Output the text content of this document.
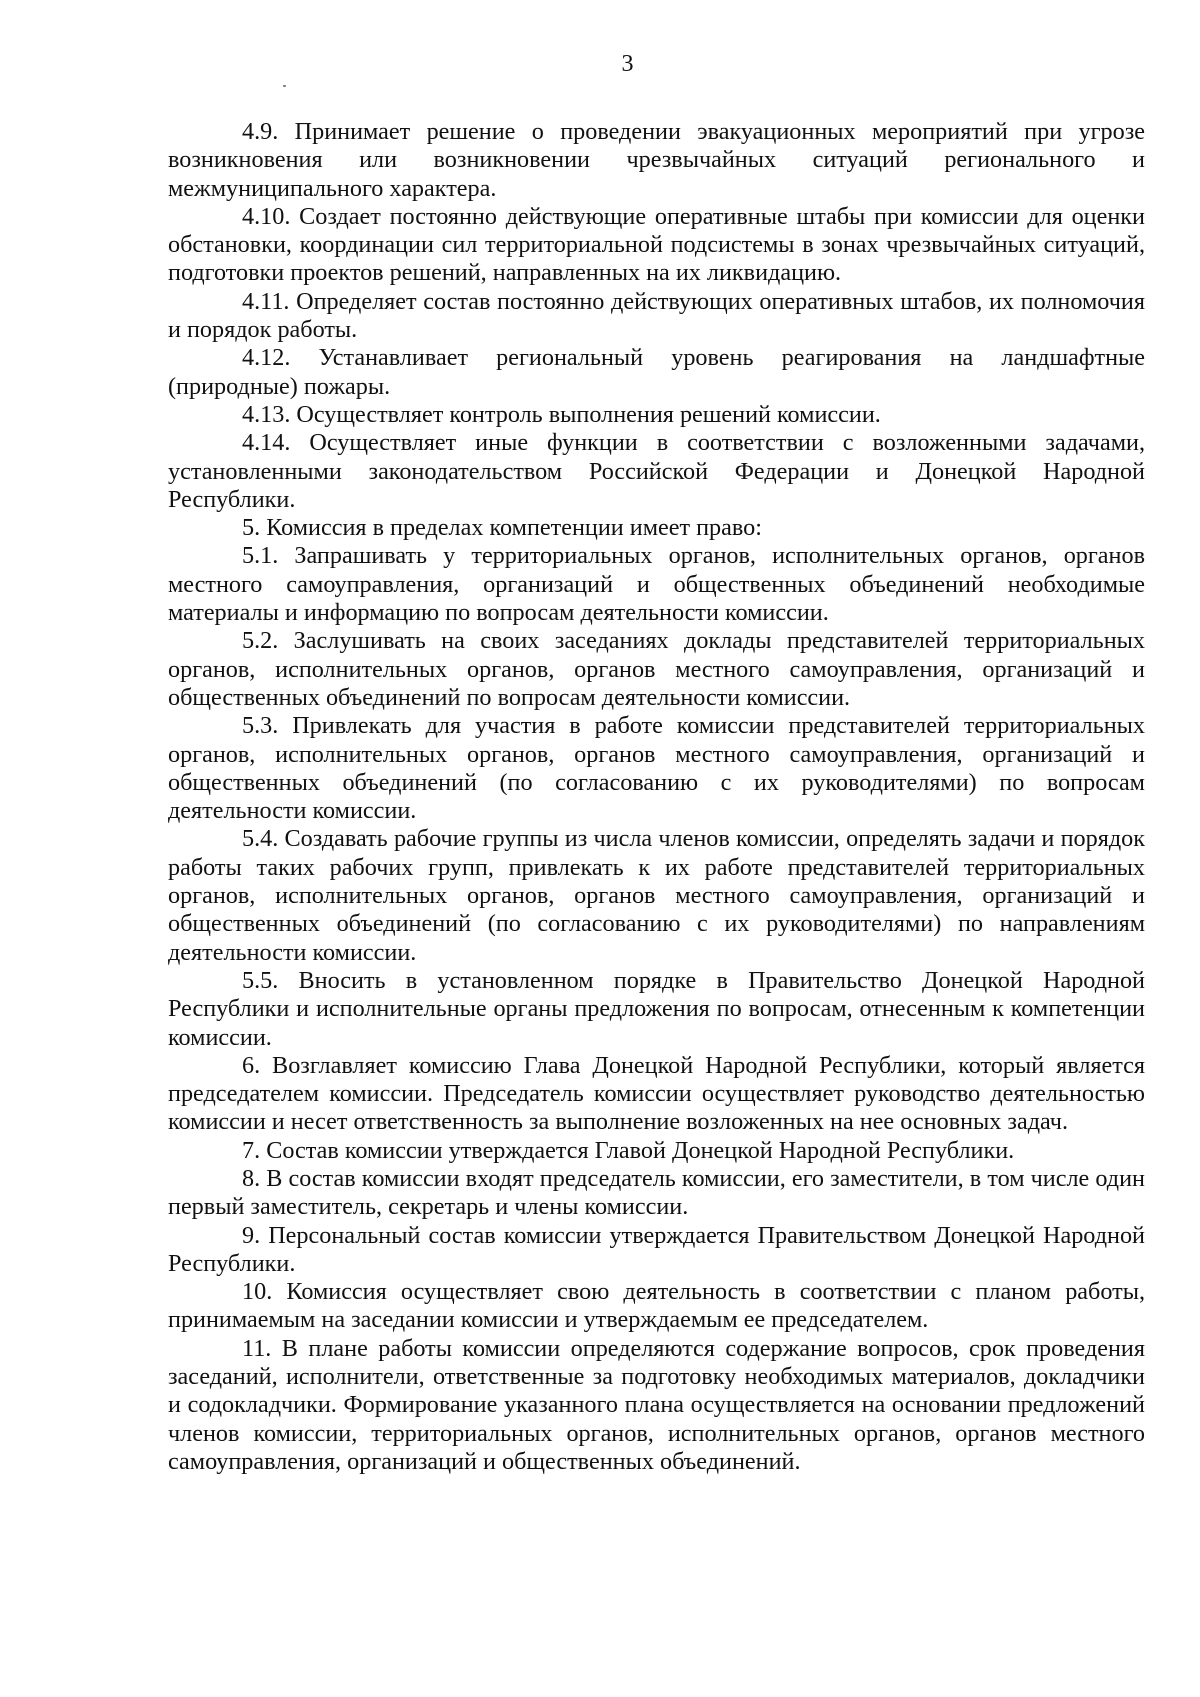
3

4.9. Принимает решение о проведении эвакуационных мероприятий при угрозе возникновения или возникновении чрезвычайных ситуаций регионального и межмуниципального характера.

4.10. Создает постоянно действующие оперативные штабы при комиссии для оценки обстановки, координации сил территориальной подсистемы в зонах чрезвычайных ситуаций, подготовки проектов решений, направленных на их ликвидацию.

4.11. Определяет состав постоянно действующих оперативных штабов, их полномочия и порядок работы.

4.12. Устанавливает региональный уровень реагирования на ландшафтные (природные) пожары.

4.13. Осуществляет контроль выполнения решений комиссии.

4.14. Осуществляет иные функции в соответствии с возложенными задачами, установленными законодательством Российской Федерации и Донецкой Народной Республики.

5. Комиссия в пределах компетенции имеет право:

5.1. Запрашивать у территориальных органов, исполнительных органов, органов местного самоуправления, организаций и общественных объединений необходимые материалы и информацию по вопросам деятельности комиссии.

5.2. Заслушивать на своих заседаниях доклады представителей территориальных органов, исполнительных органов, органов местного самоуправления, организаций и общественных объединений по вопросам деятельности комиссии.

5.3. Привлекать для участия в работе комиссии представителей территориальных органов, исполнительных органов, органов местного самоуправления, организаций и общественных объединений (по согласованию с их руководителями) по вопросам деятельности комиссии.

5.4. Создавать рабочие группы из числа членов комиссии, определять задачи и порядок работы таких рабочих групп, привлекать к их работе представителей территориальных органов, исполнительных органов, органов местного самоуправления, организаций и общественных объединений (по согласованию с их руководителями) по направлениям деятельности комиссии.

5.5. Вносить в установленном порядке в Правительство Донецкой Народной Республики и исполнительные органы предложения по вопросам, отнесенным к компетенции комиссии.

6. Возглавляет комиссию Глава Донецкой Народной Республики, который является председателем комиссии. Председатель комиссии осуществляет руководство деятельностью комиссии и несет ответственность за выполнение возложенных на нее основных задач.

7. Состав комиссии утверждается Главой Донецкой Народной Республики.

8. В состав комиссии входят председатель комиссии, его заместители, в том числе один первый заместитель, секретарь и члены комиссии.

9. Персональный состав комиссии утверждается Правительством Донецкой Народной Республики.

10. Комиссия осуществляет свою деятельность в соответствии с планом работы, принимаемым на заседании комиссии и утверждаемым ее председателем.

11. В плане работы комиссии определяются содержание вопросов, срок проведения заседаний, исполнители, ответственные за подготовку необходимых материалов, докладчики и содокладчики. Формирование указанного плана осуществляется на основании предложений членов комиссии, территориальных органов, исполнительных органов, органов местного самоуправления, организаций и общественных объединений.
